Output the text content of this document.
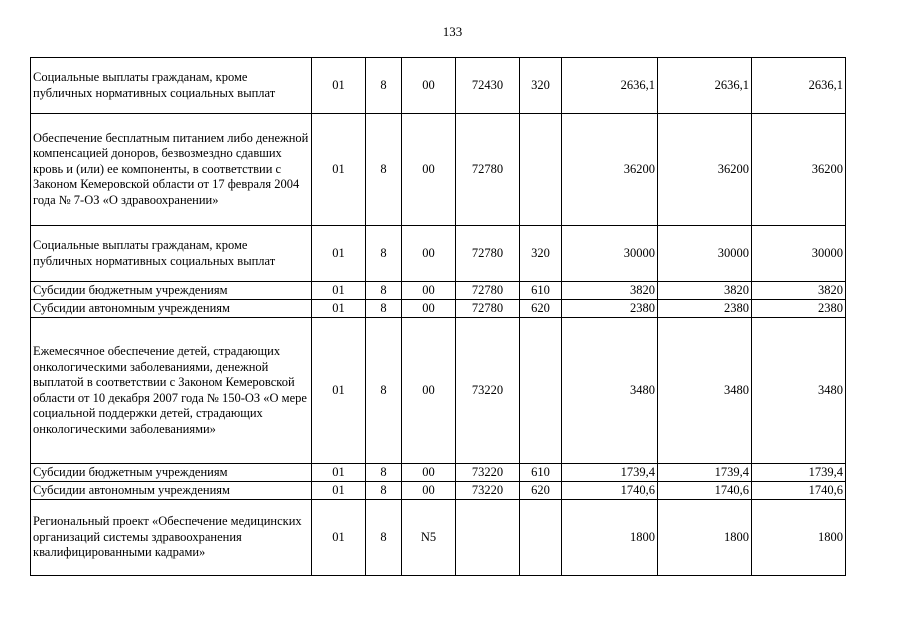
133
Социальные выплаты гражданам, кроме публичных нормативных социальных выплат	01	8	00	72430	320	2636,1	2636,1	2636,1
Обеспечение бесплатным питанием либо денежной компенсацией доноров, безвозмездно сдавших кровь и (или) ее компоненты, в соответствии с Законом Кемеровской области от 17 февраля 2004 года № 7-ОЗ «О здравоохранении»	01	8	00	72780		36200	36200	36200
Социальные выплаты гражданам, кроме публичных нормативных социальных выплат	01	8	00	72780	320	30000	30000	30000
Субсидии бюджетным учреждениям	01	8	00	72780	610	3820	3820	3820
Субсидии автономным учреждениям	01	8	00	72780	620	2380	2380	2380
Ежемесячное обеспечение детей, страдающих онкологическими заболеваниями, денежной выплатой в соответствии с Законом Кемеровской области от 10 декабря 2007 года № 150-ОЗ «О мере социальной поддержки детей, страдающих онкологическими заболеваниями»	01	8	00	73220		3480	3480	3480
Субсидии бюджетным учреждениям	01	8	00	73220	610	1739,4	1739,4	1739,4
Субсидии автономным учреждениям	01	8	00	73220	620	1740,6	1740,6	1740,6
Региональный проект «Обеспечение медицинских организаций системы здравоохранения квалифицированными кадрами»	01	8	N5			1800	1800	1800
